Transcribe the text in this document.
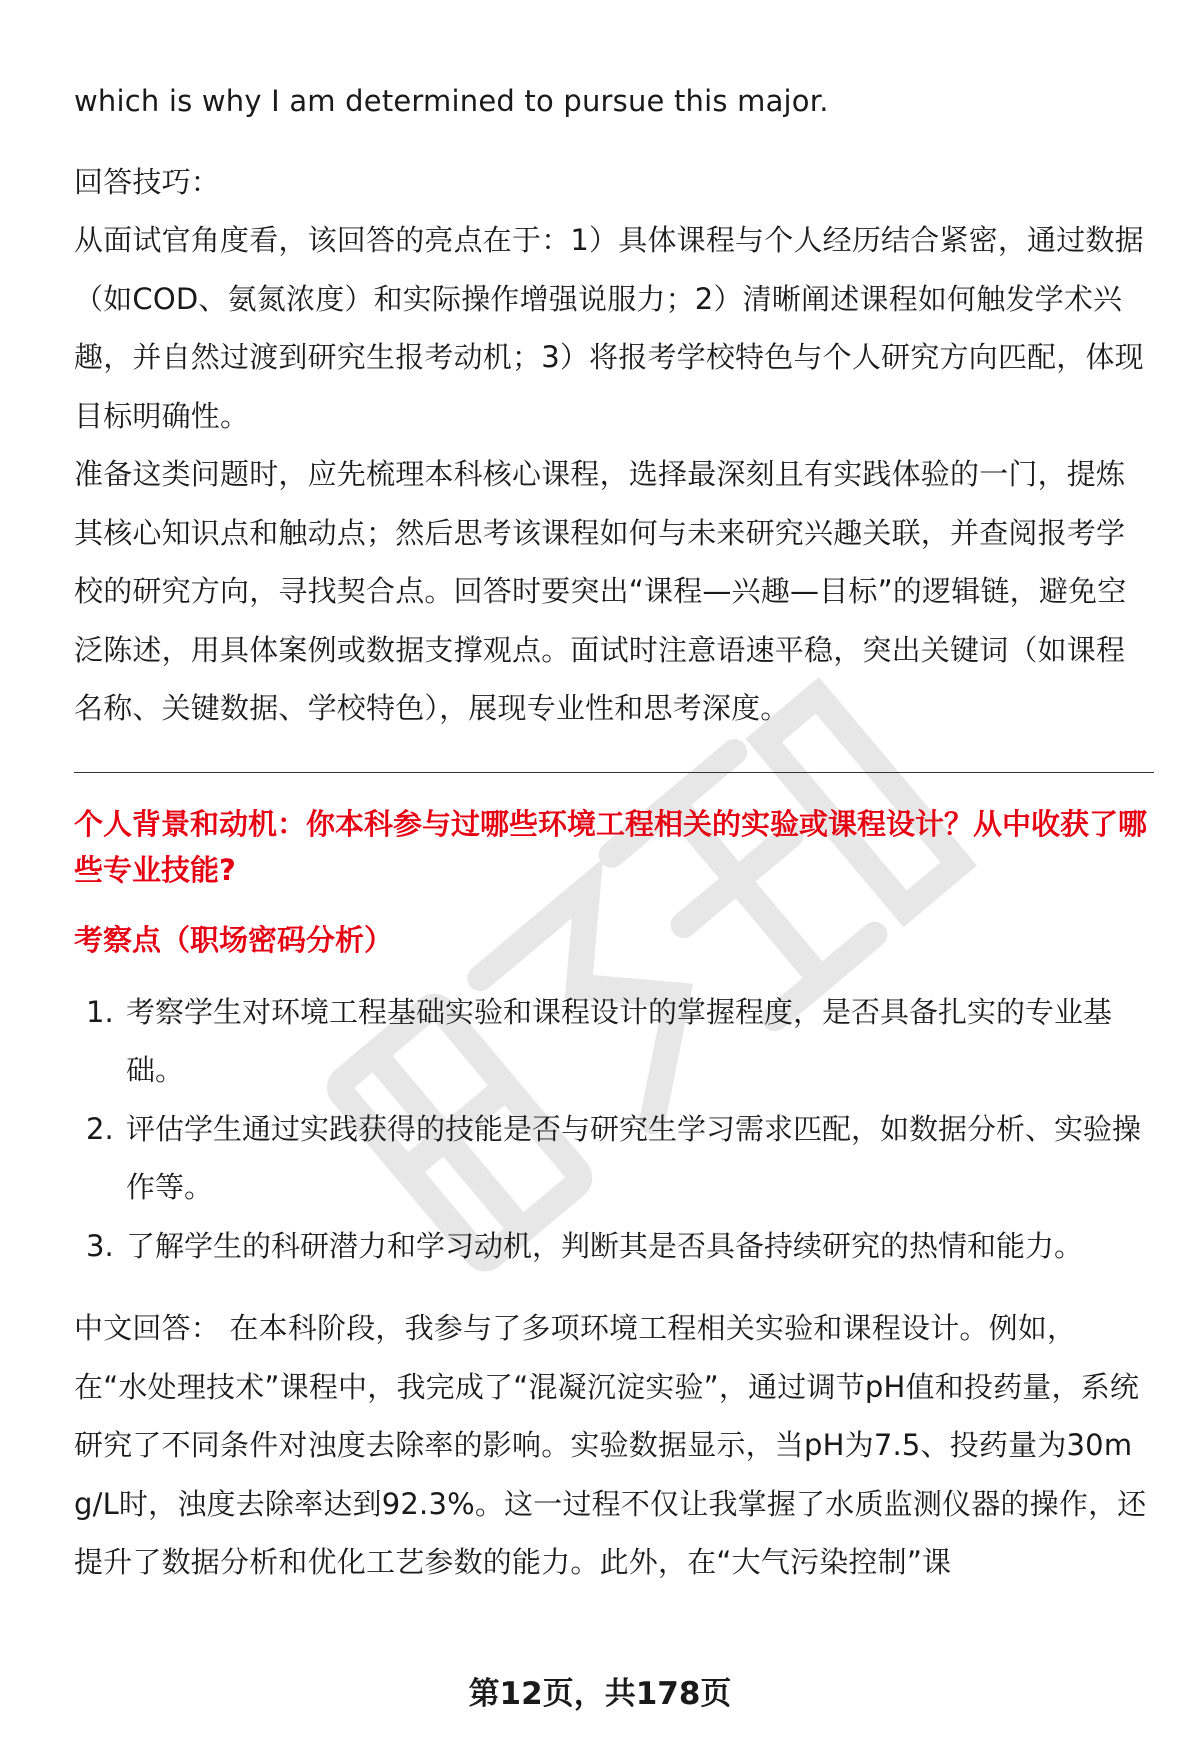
which is why I am determined to pursue this major.

回答技巧：

从面试官角度看，该回答的亮点在于：1）具体课程与个人经历结合紧密，通过数据（如COD、氨氮浓度）和实际操作增强说服力；2）清晰阐述课程如何触发学术兴趣，并自然过渡到研究生报考动机；3）将报考学校特色与个人研究方向匹配，体现目标明确性。

准备这类问题时，应先梳理本科核心课程，选择最深刻且有实践体验的一门，提炼其核心知识点和触动点；然后思考该课程如何与未来研究兴趣关联，并查阅报考学校的研究方向，寻找契合点。回答时要突出“课程—兴趣—目标”的逻辑链，避免空泛陈述，用具体案例或数据支撑观点。面试时注意语速平稳，突出关键词（如课程名称、关键数据、学校特色），展现专业性和思考深度。

个人背景和动机：你本科参与过哪些环境工程相关的实验或课程设计？从中收获了哪些专业技能?

考察点（职场密码分析）

1. 考察学生对环境工程基础实验和课程设计的掌握程度，是否具备扎实的专业基础。
2. 评估学生通过实践获得的技能是否与研究生学习需求匹配，如数据分析、实验操作等。
3. 了解学生的科研潜力和学习动机，判断其是否具备持续研究的热情和能力。

中文回答： 在本科阶段，我参与了多项环境工程相关实验和课程设计。例如，

在“水处理技术”课程中，我完成了“混凝沉淀实验”，通过调节pH值和投药量，系统研究了不同条件对浊度去除率的影响。实验数据显示，当pH为7.5、投药量为30mg/L时，浊度去除率达到92.3%。这一过程不仅让我掌握了水质监测仪器的操作，还提升了数据分析和优化工艺参数的能力。此外，在“大气污染控制”课

第12页，共178页
